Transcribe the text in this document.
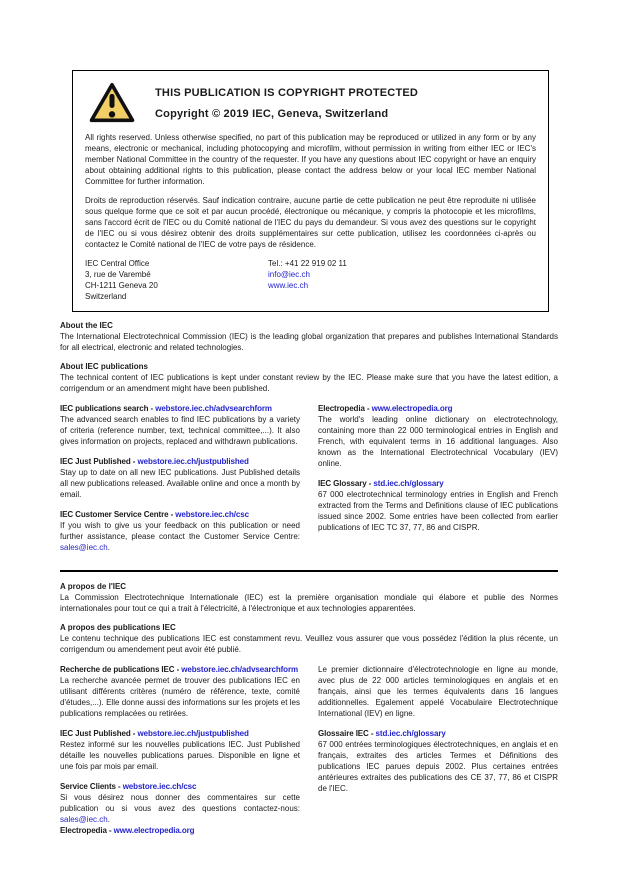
THIS PUBLICATION IS COPYRIGHT PROTECTED
Copyright © 2019 IEC, Geneva, Switzerland

All rights reserved. Unless otherwise specified, no part of this publication may be reproduced or utilized in any form or by any means, electronic or mechanical, including photocopying and microfilm, without permission in writing from either IEC or IEC's member National Committee in the country of the requester. If you have any questions about IEC copyright or have an enquiry about obtaining additional rights to this publication, please contact the address below or your local IEC member National Committee for further information.

Droits de reproduction réservés. Sauf indication contraire, aucune partie de cette publication ne peut être reproduite ni utilisée sous quelque forme que ce soit et par aucun procédé, électronique ou mécanique, y compris la photocopie et les microfilms, sans l'accord écrit de l'IEC ou du Comité national de l'IEC du pays du demandeur. Si vous avez des questions sur le copyright de l'IEC ou si vous désirez obtenir des droits supplémentaires sur cette publication, utilisez les coordonnées ci-après ou contactez le Comité national de l'IEC de votre pays de résidence.

IEC Central Office
3, rue de Varembé
CH-1211 Geneva 20
Switzerland
Tel.: +41 22 919 02 11
info@iec.ch
www.iec.ch
About the IEC

The International Electrotechnical Commission (IEC) is the leading global organization that prepares and publishes International Standards for all electrical, electronic and related technologies.

About IEC publications

The technical content of IEC publications is kept under constant review by the IEC. Please make sure that you have the latest edition, a corrigendum or an amendment might have been published.

IEC publications search - webstore.iec.ch/advsearchform

The advanced search enables to find IEC publications by a variety of criteria (reference number, text, technical committee,...). It also gives information on projects, replaced and withdrawn publications.

IEC Just Published - webstore.iec.ch/justpublished

Stay up to date on all new IEC publications. Just Published details all new publications released. Available online and once a month by email.

IEC Customer Service Centre - webstore.iec.ch/csc

If you wish to give us your feedback on this publication or need further assistance, please contact the Customer Service Centre: sales@iec.ch.

Electropedia - www.electropedia.org

The world's leading online dictionary on electrotechnology, containing more than 22 000 terminological entries in English and French, with equivalent terms in 16 additional languages. Also known as the International Electrotechnical Vocabulary (IEV) online.

IEC Glossary - std.iec.ch/glossary

67 000 electrotechnical terminology entries in English and French extracted from the Terms and Definitions clause of IEC publications issued since 2002. Some entries have been collected from earlier publications of IEC TC 37, 77, 86 and CISPR.

A propos de l'IEC

La Commission Electrotechnique Internationale (IEC) est la première organisation mondiale qui élabore et publie des Normes internationales pour tout ce qui a trait à l'électricité, à l'électronique et aux technologies apparentées.

A propos des publications IEC

Le contenu technique des publications IEC est constamment revu. Veuillez vous assurer que vous possédez l'édition la plus récente, un corrigendum ou amendement peut avoir été publié.

Recherche de publications IEC - webstore.iec.ch/advsearchform

La recherche avancée permet de trouver des publications IEC en utilisant différents critères (numéro de référence, texte, comité d'études,...). Elle donne aussi des informations sur les projets et les publications remplacées ou retirées.

IEC Just Published - webstore.iec.ch/justpublished

Restez informé sur les nouvelles publications IEC. Just Published détaille les nouvelles publications parues. Disponible en ligne et une fois par mois par email.

Service Clients - webstore.iec.ch/csc

Si vous désirez nous donner des commentaires sur cette publication ou si vous avez des questions contactez-nous: sales@iec.ch.

Electropedia - www.electropedia.org

Le premier dictionnaire d'électrotechnologie en ligne au monde, avec plus de 22 000 articles terminologiques en anglais et en français, ainsi que les termes équivalents dans 16 langues additionnelles. Egalement appelé Vocabulaire Electrotechnique International (IEV) en ligne.

Glossaire IEC - std.iec.ch/glossary

67 000 entrées terminologiques électrotechniques, en anglais et en français, extraites des articles Termes et Définitions des publications IEC parues depuis 2002. Plus certaines entrées antérieures extraites des publications des CE 37, 77, 86 et CISPR de l'IEC.
